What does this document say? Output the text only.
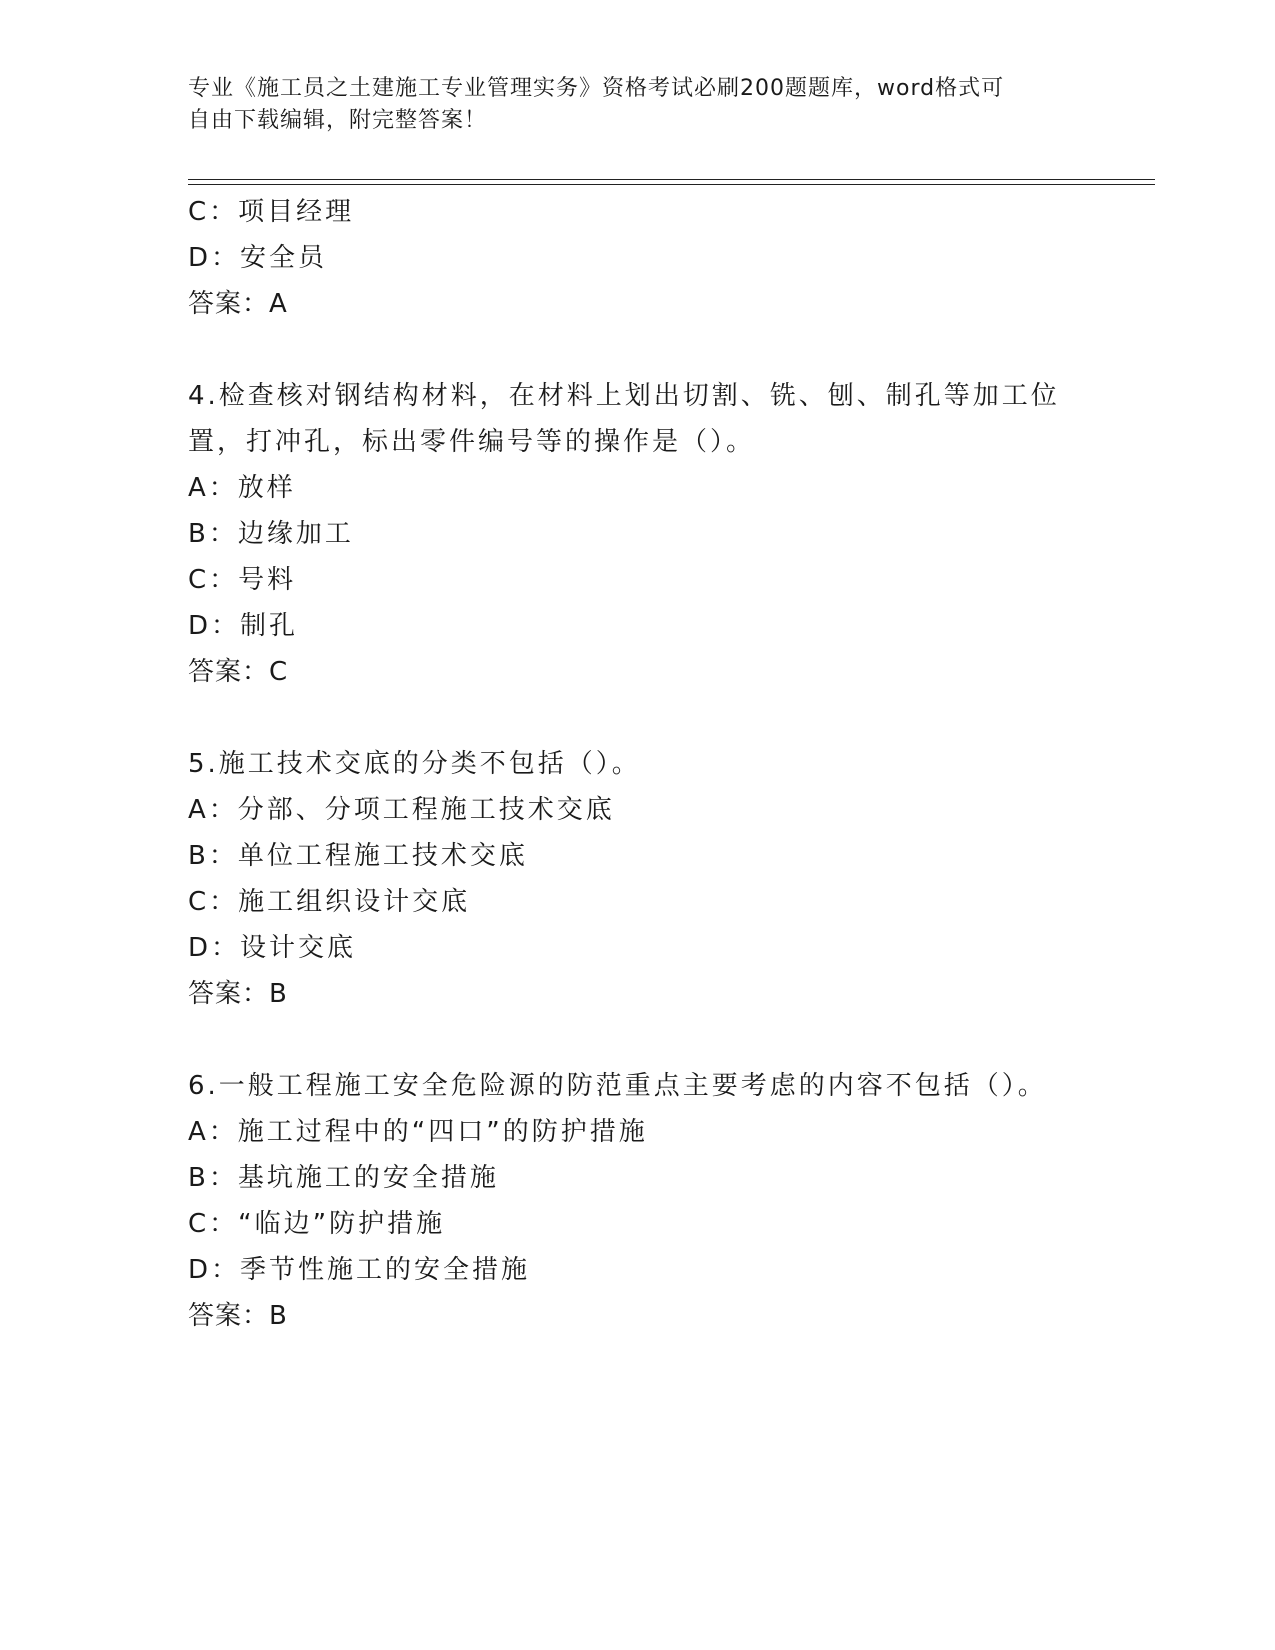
专业《施工员之土建施工专业管理实务》资格考试必刷200题题库，word格式可
自由下载编辑，附完整答案！

C：项目经理

D：安全员

答案：A

4.检查核对钢结构材料，在材料上划出切割、铣、刨、制孔等加工位

置，打冲孔，标出零件编号等的操作是（）。

A：放样

B：边缘加工

C：号料

D：制孔

答案：C

5.施工技术交底的分类不包括（）。

A：分部、分项工程施工技术交底

B：单位工程施工技术交底

C：施工组织设计交底

D：设计交底

答案：B

6.一般工程施工安全危险源的防范重点主要考虑的内容不包括（）。

A：施工过程中的“四口”的防护措施

B：基坑施工的安全措施

C：“临边”防护措施

D：季节性施工的安全措施

答案：B
